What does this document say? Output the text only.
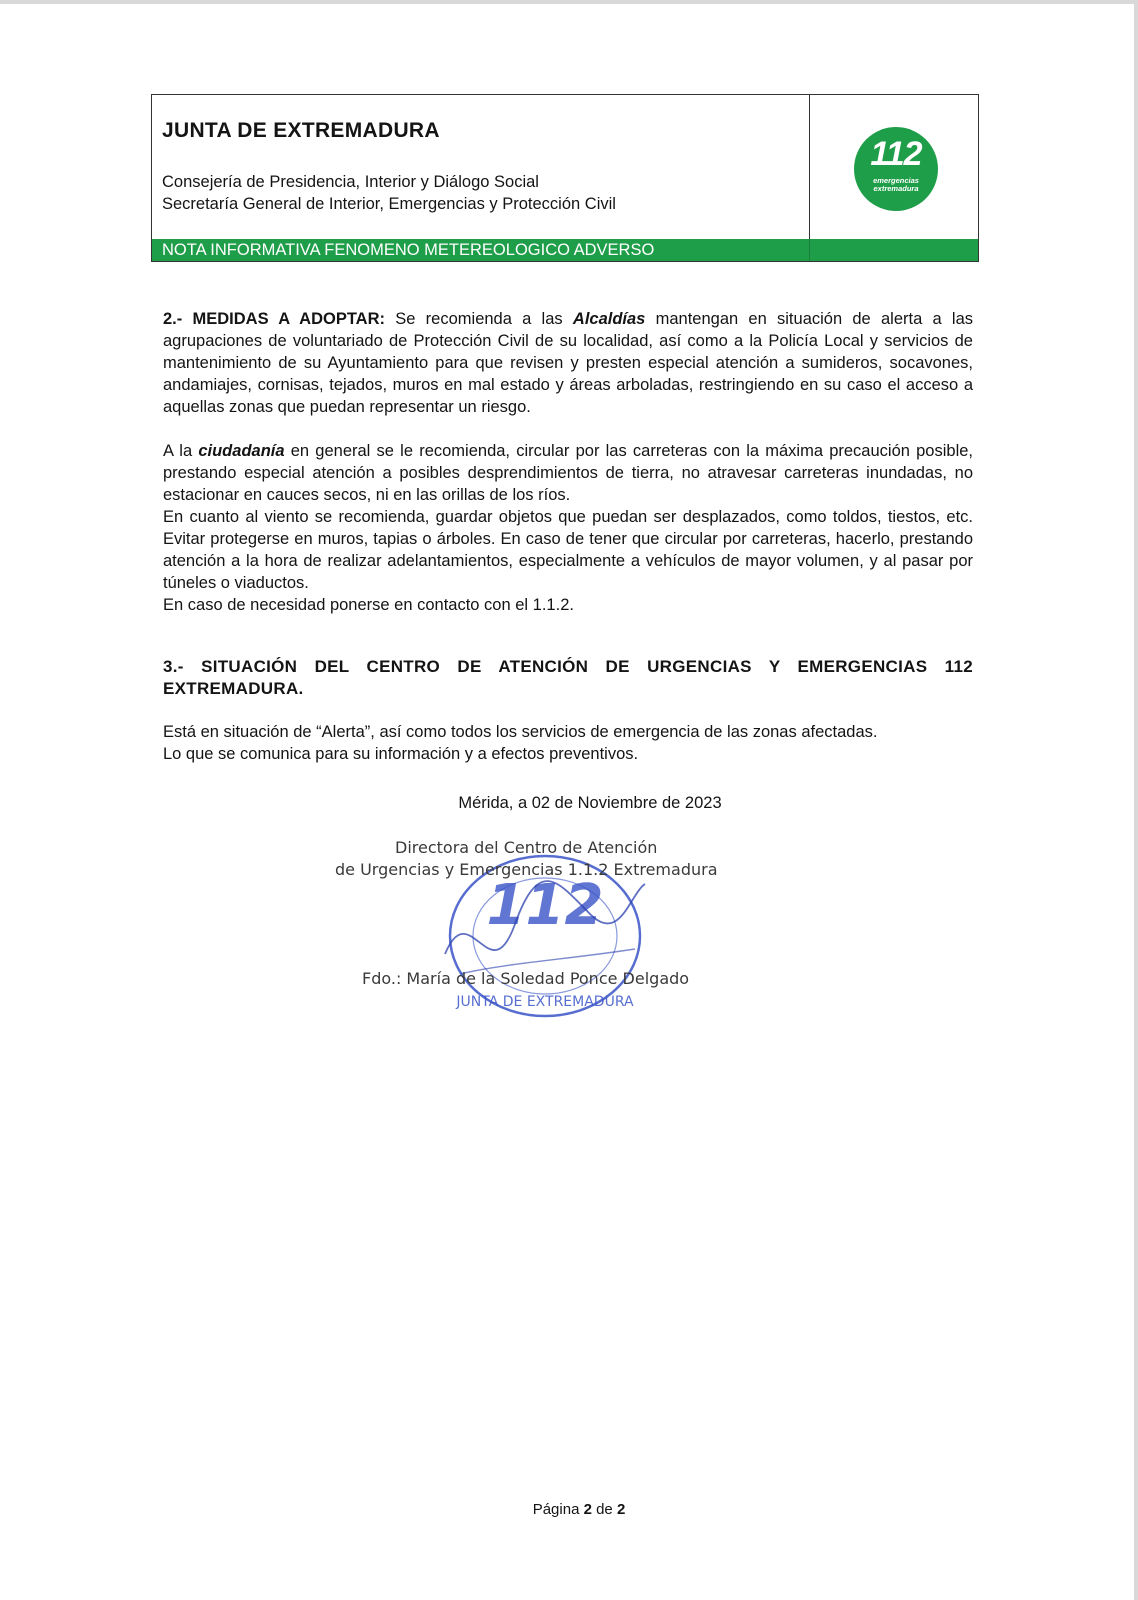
JUNTA DE EXTREMADURA
Consejería de Presidencia, Interior y Diálogo Social
Secretaría General de Interior, Emergencias y Protección Civil
112
emergencias
extremadura
NOTA INFORMATIVA FENOMENO METEREOLOGICO ADVERSO

2.- MEDIDAS A ADOPTAR: Se recomienda a las Alcaldías mantengan en situación de alerta a las agrupaciones de voluntariado de Protección Civil de su localidad, así como a la Policía Local y servicios de mantenimiento de su Ayuntamiento para que revisen y presten especial atención a sumideros, socavones, andamiajes, cornisas, tejados, muros en mal estado y áreas arboladas, restringiendo en su caso el acceso a aquellas zonas que puedan representar un riesgo.

A la ciudadanía en general se le recomienda, circular por las carreteras con la máxima precaución posible, prestando especial atención a posibles desprendimientos de tierra, no atravesar carreteras inundadas, no estacionar en cauces secos, ni en las orillas de los ríos.

En cuanto al viento se recomienda, guardar objetos que puedan ser desplazados, como toldos, tiestos, etc. Evitar protegerse en muros, tapias o árboles. En caso de tener que circular por carreteras, hacerlo, prestando atención a la hora de realizar adelantamientos, especialmente a vehículos de mayor volumen, y al pasar por túneles o viaductos.

En caso de necesidad ponerse en contacto con el 1.1.2.

3.- SITUACIÓN DEL CENTRO DE ATENCIÓN DE URGENCIAS Y EMERGENCIAS 112 EXTREMADURA.

Está en situación de “Alerta”, así como todos los servicios de emergencia de las zonas afectadas.

Lo que se comunica para su información y a efectos preventivos.

Mérida, a 02 de Noviembre de 2023
112
JUNTA DE EXTREMADURA
Directora del Centro de Atención
de Urgencias y Emergencias 1.1.2 Extremadura
Fdo.: María de la Soledad Ponce Delgado
Página 2 de 2
